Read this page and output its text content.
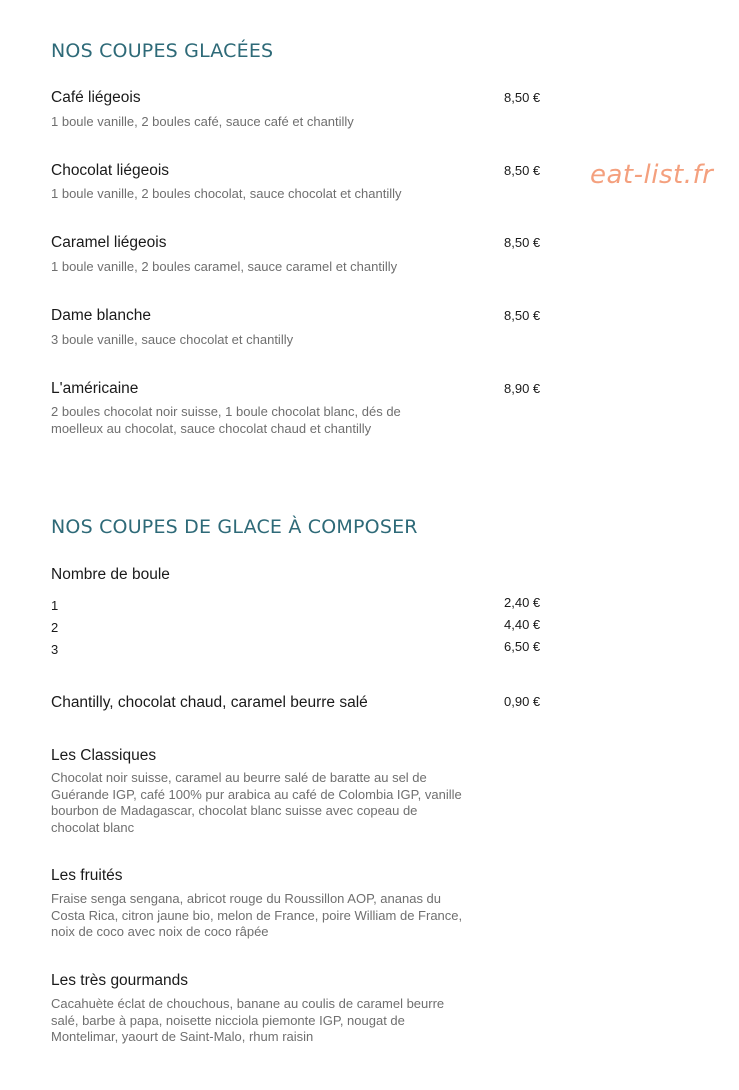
eat-list.fr
NOS COUPES GLACÉES
Café liégeois	8,50 €
1 boule vanille, 2 boules café, sauce café et chantilly
Chocolat liégeois	8,50 €
1 boule vanille, 2 boules chocolat, sauce chocolat et chantilly
Caramel liégeois	8,50 €
1 boule vanille, 2 boules caramel, sauce caramel et chantilly
Dame blanche	8,50 €
3 boule vanille, sauce chocolat et chantilly
L'américaine	8,90 €
2 boules chocolat noir suisse, 1 boule chocolat blanc, dés de moelleux au chocolat, sauce chocolat chaud et chantilly
NOS COUPES DE GLACE À COMPOSER
Nombre de boule
1	2,40 €
2	4,40 €
3	6,50 €
Chantilly, chocolat chaud, caramel beurre salé	0,90 €
Les Classiques
Chocolat noir suisse, caramel au beurre salé de baratte au sel de Guérande IGP, café 100% pur arabica au café de Colombia IGP, vanille bourbon de Madagascar, chocolat blanc suisse avec copeau de chocolat blanc
Les fruités
Fraise senga sengana, abricot rouge du Roussillon AOP, ananas du Costa Rica, citron jaune bio, melon de France, poire William de France, noix de coco avec noix de coco râpée
Les très gourmands
Cacahuète éclat de chouchous, banane au coulis de caramel beurre salé, barbe à papa, noisette nicciola piemonte IGP, nougat de Montelimar, yaourt de Saint-Malo, rhum raisin
